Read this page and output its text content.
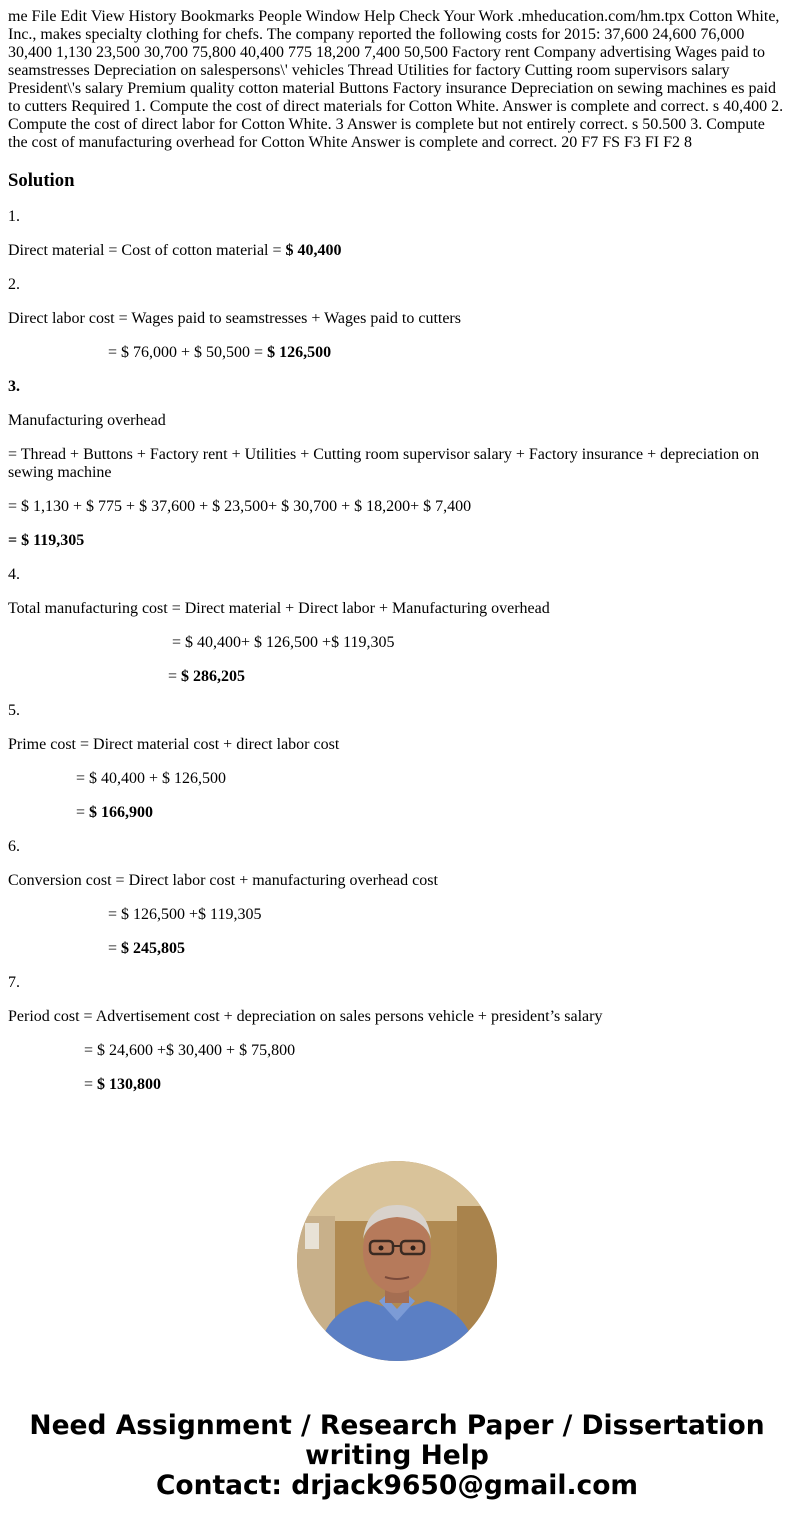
me File Edit View History Bookmarks People Window Help Check Your Work .mheducation.com/hm.tpx Cotton White, Inc., makes specialty clothing for chefs. The company reported the following costs for 2015: 37,600 24,600 76,000 30,400 1,130 23,500 30,700 75,800 40,400 775 18,200 7,400 50,500 Factory rent Company advertising Wages paid to seamstresses Depreciation on salespersons\' vehicles Thread Utilities for factory Cutting room supervisors salary President\'s salary Premium quality cotton material Buttons Factory insurance Depreciation on sewing machines es paid to cutters Required 1. Compute the cost of direct materials for Cotton White. Answer is complete and correct. s 40,400 2. Compute the cost of direct labor for Cotton White. 3 Answer is complete but not entirely correct. s 50.500 3. Compute the cost of manufacturing overhead for Cotton White Answer is complete and correct. 20 F7 FS F3 FI F2 8
Solution
1.
Direct material = Cost of cotton material = $ 40,400
2.
Direct labor cost = Wages paid to seamstresses + Wages paid to cutters
= $ 76,000 + $ 50,500 = $ 126,500
3.
Manufacturing overhead
= Thread + Buttons + Factory rent + Utilities + Cutting room supervisor salary + Factory insurance + depreciation on sewing machine
= $ 1,130 + $ 775 + $ 37,600 + $ 23,500+ $ 30,700 + $ 18,200+ $ 7,400
= $ 119,305
4.
Total manufacturing cost = Direct material + Direct labor + Manufacturing overhead
= $ 40,400+ $ 126,500 +$ 119,305
= $ 286,205
5.
Prime cost = Direct material cost + direct labor cost
= $ 40,400 + $ 126,500
= $ 166,900
6.
Conversion cost = Direct labor cost + manufacturing overhead cost
= $ 126,500 +$ 119,305
= $ 245,805
7.
Period cost = Advertisement cost + depreciation on sales persons vehicle + president’s salary
= $ 24,600 +$ 30,400 + $ 75,800
= $ 130,800
Need Assignment / Research Paper / Dissertation
writing Help
Contact: drjack9650@gmail.com
